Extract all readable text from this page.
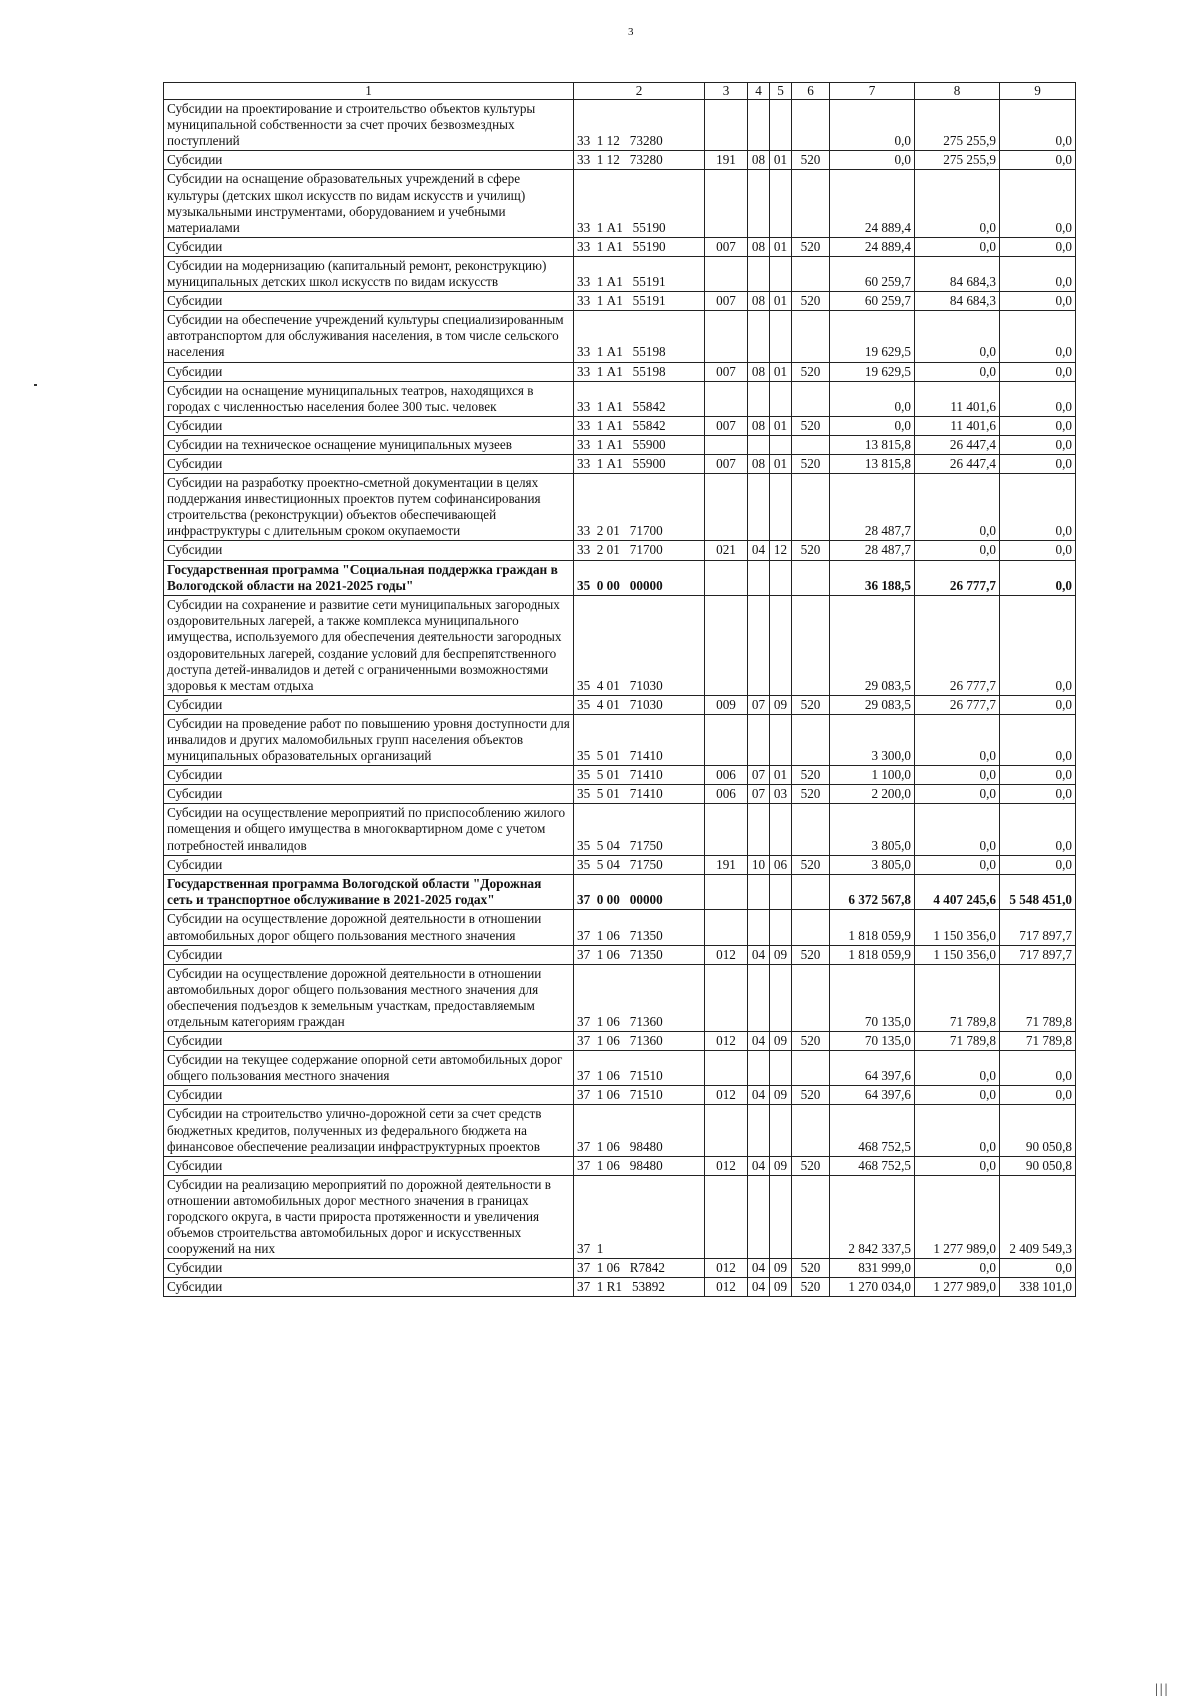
3
1	2	3	4	5	6	7	8	9
Субсидии на проектирование и строительство объектов культуры муниципальной собственности за счет прочих безвозмездных поступлений	33  1 12   73280					0,0	275 255,9	0,0
Субсидии	33  1 12   73280	191	08	01	520	0,0	275 255,9	0,0
Субсидии на оснащение образовательных учреждений в сфере культуры (детских школ искусств по видам искусств и училищ) музыкальными инструментами, оборудованием и учебными материалами	33  1 А1   55190					24 889,4	0,0	0,0
Субсидии	33  1 А1   55190	007	08	01	520	24 889,4	0,0	0,0
Субсидии на модернизацию (капитальный ремонт, реконструкцию) муниципальных детских школ искусств по видам искусств	33  1 А1   55191					60 259,7	84 684,3	0,0
Субсидии	33  1 А1   55191	007	08	01	520	60 259,7	84 684,3	0,0
Субсидии на обеспечение учреждений культуры специализированным автотранспортом для обслуживания населения, в том числе сельского населения	33  1 А1   55198					19 629,5	0,0	0,0
Субсидии	33  1 А1   55198	007	08	01	520	19 629,5	0,0	0,0
Субсидии на оснащение муниципальных театров, находящихся в городах с численностью населения более 300 тыс. человек	33  1 А1   55842					0,0	11 401,6	0,0
Субсидии	33  1 А1   55842	007	08	01	520	0,0	11 401,6	0,0
Субсидии на техническое оснащение муниципальных музеев	33  1 А1   55900					13 815,8	26 447,4	0,0
Субсидии	33  1 А1   55900	007	08	01	520	13 815,8	26 447,4	0,0
Субсидии на разработку проектно-сметной документации в целях поддержания инвестиционных проектов путем софинансирования строительства (реконструкции) объектов обеспечивающей инфраструктуры с длительным сроком окупаемости	33  2 01   71700					28 487,7	0,0	0,0
Субсидии	33  2 01   71700	021	04	12	520	28 487,7	0,0	0,0
Государственная программа "Социальная поддержка граждан в Вологодской области на 2021-2025 годы"	35  0 00   00000					36 188,5	26 777,7	0,0
Субсидии на сохранение и развитие сети муниципальных загородных оздоровительных лагерей, а также комплекса муниципального имущества, используемого для обеспечения деятельности загородных оздоровительных лагерей, создание условий для беспрепятственного доступа детей-инвалидов и детей с ограниченными возможностями здоровья к местам отдыха	35  4 01   71030					29 083,5	26 777,7	0,0
Субсидии	35  4 01   71030	009	07	09	520	29 083,5	26 777,7	0,0
Субсидии на проведение работ по повышению уровня доступности для инвалидов и других маломобильных групп населения объектов муниципальных образовательных организаций	35  5 01   71410					3 300,0	0,0	0,0
Субсидии	35  5 01   71410	006	07	01	520	1 100,0	0,0	0,0
Субсидии	35  5 01   71410	006	07	03	520	2 200,0	0,0	0,0
Субсидии на осуществление мероприятий по приспособлению жилого помещения и общего имущества в многоквартирном доме с учетом потребностей инвалидов	35  5 04   71750					3 805,0	0,0	0,0
Субсидии	35  5 04   71750	191	10	06	520	3 805,0	0,0	0,0
Государственная программа Вологодской области "Дорожная сеть и транспортное обслуживание в 2021-2025 годах"	37  0 00   00000					6 372 567,8	4 407 245,6	5 548 451,0
Субсидии на осуществление дорожной деятельности в отношении автомобильных дорог общего пользования местного значения	37  1 06   71350					1 818 059,9	1 150 356,0	717 897,7
Субсидии	37  1 06   71350	012	04	09	520	1 818 059,9	1 150 356,0	717 897,7
Субсидии на осуществление дорожной деятельности в отношении автомобильных дорог общего пользования местного значения для обеспечения подъездов к земельным участкам, предоставляемым отдельным категориям граждан	37  1 06   71360					70 135,0	71 789,8	71 789,8
Субсидии	37  1 06   71360	012	04	09	520	70 135,0	71 789,8	71 789,8
Субсидии на текущее содержание опорной сети автомобильных дорог общего пользования местного значения	37  1 06   71510					64 397,6	0,0	0,0
Субсидии	37  1 06   71510	012	04	09	520	64 397,6	0,0	0,0
Субсидии на строительство улично-дорожной сети за счет средств бюджетных кредитов, полученных из федерального бюджета на финансовое обеспечение реализации инфраструктурных проектов	37  1 06   98480					468 752,5	0,0	90 050,8
Субсидии	37  1 06   98480	012	04	09	520	468 752,5	0,0	90 050,8
Субсидии на реализацию мероприятий по дорожной деятельности в отношении автомобильных дорог местного значения в границах городского округа, в части прироста протяженности и увеличения объемов строительства автомобильных дорог и искусственных сооружений на них	37  1					2 842 337,5	1 277 989,0	2 409 549,3
Субсидии	37  1 06   R7842	012	04	09	520	831 999,0	0,0	0,0
Субсидии	37  1 R1   53892	012	04	09	520	1 270 034,0	1 277 989,0	338 101,0
|||
